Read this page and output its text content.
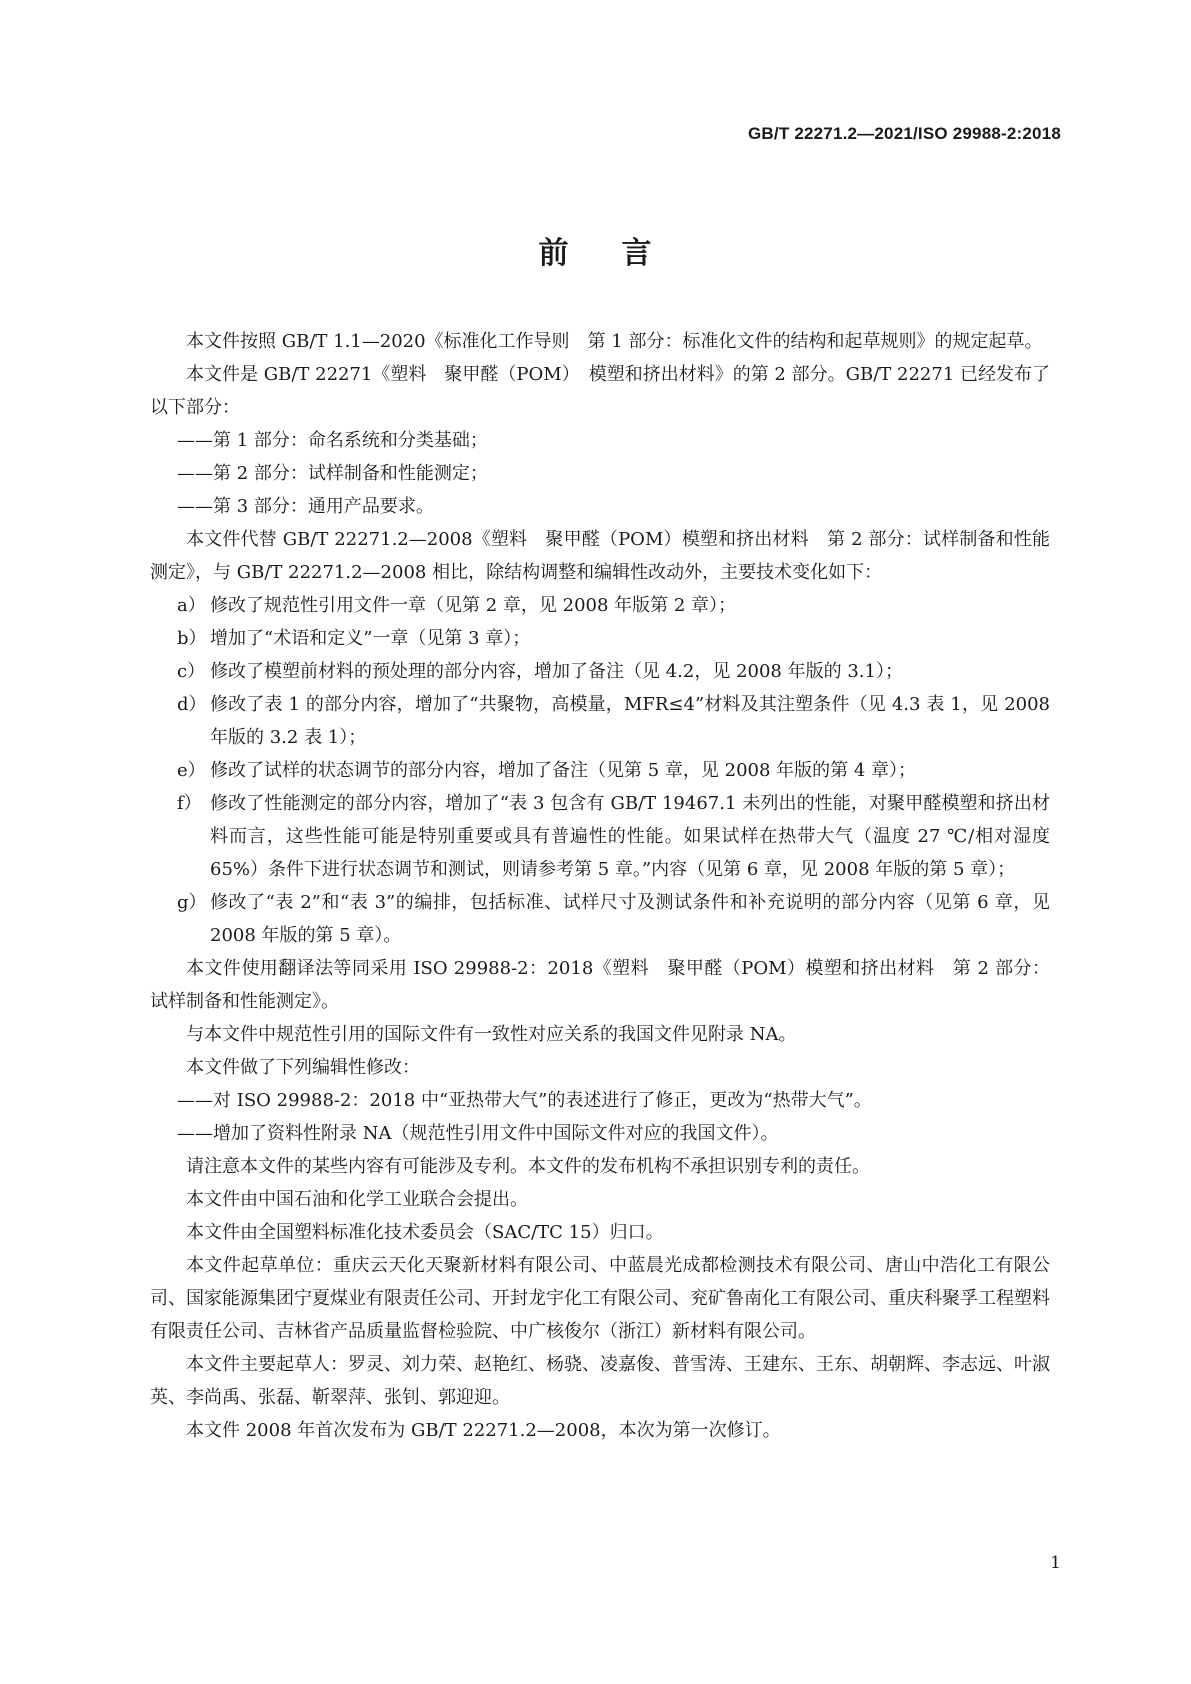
GB/T 22271.2—2021/ISO 29988-2:2018
前 言

本文件按照 GB/T 1.1—2020《标准化工作导则　第 1 部分：标准化文件的结构和起草规则》的规定起草。

本文件是 GB/T 22271《塑料　聚甲醛（POM）　模塑和挤出材料》的第 2 部分。GB/T 22271 已经发布了以下部分：

——第 1 部分：命名系统和分类基础；

——第 2 部分：试样制备和性能测定；

——第 3 部分：通用产品要求。

本文件代替 GB/T 22271.2—2008《塑料　聚甲醛（POM）模塑和挤出材料　第 2 部分：试样制备和性能测定》，与 GB/T 22271.2—2008 相比，除结构调整和编辑性改动外，主要技术变化如下：

a） 修改了规范性引用文件一章（见第 2 章，见 2008 年版第 2 章）；
b） 增加了“术语和定义”一章（见第 3 章）；
c） 修改了模塑前材料的预处理的部分内容，增加了备注（见 4.2，见 2008 年版的 3.1）；
d） 修改了表 1 的部分内容，增加了“共聚物，高模量，MFR≤4”材料及其注塑条件（见 4.3 表 1，见 2008 年版的 3.2 表 1）；
e） 修改了试样的状态调节的部分内容，增加了备注（见第 5 章，见 2008 年版的第 4 章）；
f） 修改了性能测定的部分内容，增加了“表 3 包含有 GB/T 19467.1 未列出的性能，对聚甲醛模塑和挤出材料而言，这些性能可能是特别重要或具有普遍性的性能。如果试样在热带大气（温度 27 ℃/相对湿度 65%）条件下进行状态调节和测试，则请参考第 5 章。”内容（见第 6 章，见 2008 年版的第 5 章）；
g） 修改了“表 2”和“表 3”的编排，包括标准、试样尺寸及测试条件和补充说明的部分内容（见第 6 章，见 2008 年版的第 5 章）。

本文件使用翻译法等同采用 ISO 29988-2：2018《塑料　聚甲醛（POM）模塑和挤出材料　第 2 部分：试样制备和性能测定》。

与本文件中规范性引用的国际文件有一致性对应关系的我国文件见附录 NA。

本文件做了下列编辑性修改：

——对 ISO 29988-2：2018 中“亚热带大气”的表述进行了修正，更改为“热带大气”。

——增加了资料性附录 NA（规范性引用文件中国际文件对应的我国文件）。

请注意本文件的某些内容有可能涉及专利。本文件的发布机构不承担识别专利的责任。

本文件由中国石油和化学工业联合会提出。

本文件由全国塑料标准化技术委员会（SAC/TC 15）归口。

本文件起草单位：重庆云天化天聚新材料有限公司、中蓝晨光成都检测技术有限公司、唐山中浩化工有限公司、国家能源集团宁夏煤业有限责任公司、开封龙宇化工有限公司、兖矿鲁南化工有限公司、重庆科聚孚工程塑料有限责任公司、吉林省产品质量监督检验院、中广核俊尔（浙江）新材料有限公司。

本文件主要起草人：罗灵、刘力荣、赵艳红、杨骁、凌嘉俊、普雪涛、王建东、王东、胡朝辉、李志远、叶淑英、李尚禹、张磊、靳翠萍、张钊、郭迎迎。

本文件 2008 年首次发布为 GB/T 22271.2—2008，本次为第一次修订。

1
